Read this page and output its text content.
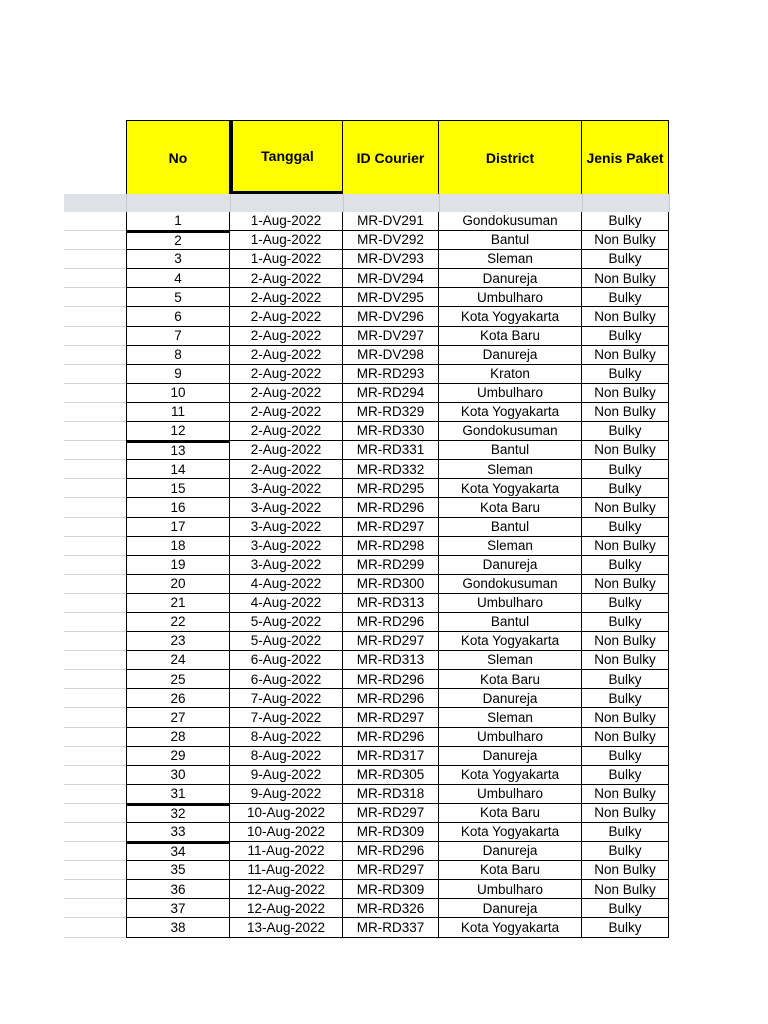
No	Tanggal	ID Courier	District	Jenis Paket
1	1-Aug-2022	MR-DV291	Gondokusuman	Bulky
2	1-Aug-2022	MR-DV292	Bantul	Non Bulky
3	1-Aug-2022	MR-DV293	Sleman	Bulky
4	2-Aug-2022	MR-DV294	Danureja	Non Bulky
5	2-Aug-2022	MR-DV295	Umbulharo	Bulky
6	2-Aug-2022	MR-DV296	Kota Yogyakarta	Non Bulky
7	2-Aug-2022	MR-DV297	Kota Baru	Bulky
8	2-Aug-2022	MR-DV298	Danureja	Non Bulky
9	2-Aug-2022	MR-RD293	Kraton	Bulky
10	2-Aug-2022	MR-RD294	Umbulharo	Non Bulky
11	2-Aug-2022	MR-RD329	Kota Yogyakarta	Non Bulky
12	2-Aug-2022	MR-RD330	Gondokusuman	Bulky
13	2-Aug-2022	MR-RD331	Bantul	Non Bulky
14	2-Aug-2022	MR-RD332	Sleman	Bulky
15	3-Aug-2022	MR-RD295	Kota Yogyakarta	Bulky
16	3-Aug-2022	MR-RD296	Kota Baru	Non Bulky
17	3-Aug-2022	MR-RD297	Bantul	Bulky
18	3-Aug-2022	MR-RD298	Sleman	Non Bulky
19	3-Aug-2022	MR-RD299	Danureja	Bulky
20	4-Aug-2022	MR-RD300	Gondokusuman	Non Bulky
21	4-Aug-2022	MR-RD313	Umbulharo	Bulky
22	5-Aug-2022	MR-RD296	Bantul	Bulky
23	5-Aug-2022	MR-RD297	Kota Yogyakarta	Non Bulky
24	6-Aug-2022	MR-RD313	Sleman	Non Bulky
25	6-Aug-2022	MR-RD296	Kota Baru	Bulky
26	7-Aug-2022	MR-RD296	Danureja	Bulky
27	7-Aug-2022	MR-RD297	Sleman	Non Bulky
28	8-Aug-2022	MR-RD296	Umbulharo	Non Bulky
29	8-Aug-2022	MR-RD317	Danureja	Bulky
30	9-Aug-2022	MR-RD305	Kota Yogyakarta	Bulky
31	9-Aug-2022	MR-RD318	Umbulharo	Non Bulky
32	10-Aug-2022	MR-RD297	Kota Baru	Non Bulky
33	10-Aug-2022	MR-RD309	Kota Yogyakarta	Bulky
34	11-Aug-2022	MR-RD296	Danureja	Bulky
35	11-Aug-2022	MR-RD297	Kota Baru	Non Bulky
36	12-Aug-2022	MR-RD309	Umbulharo	Non Bulky
37	12-Aug-2022	MR-RD326	Danureja	Bulky
38	13-Aug-2022	MR-RD337	Kota Yogyakarta	Bulky
